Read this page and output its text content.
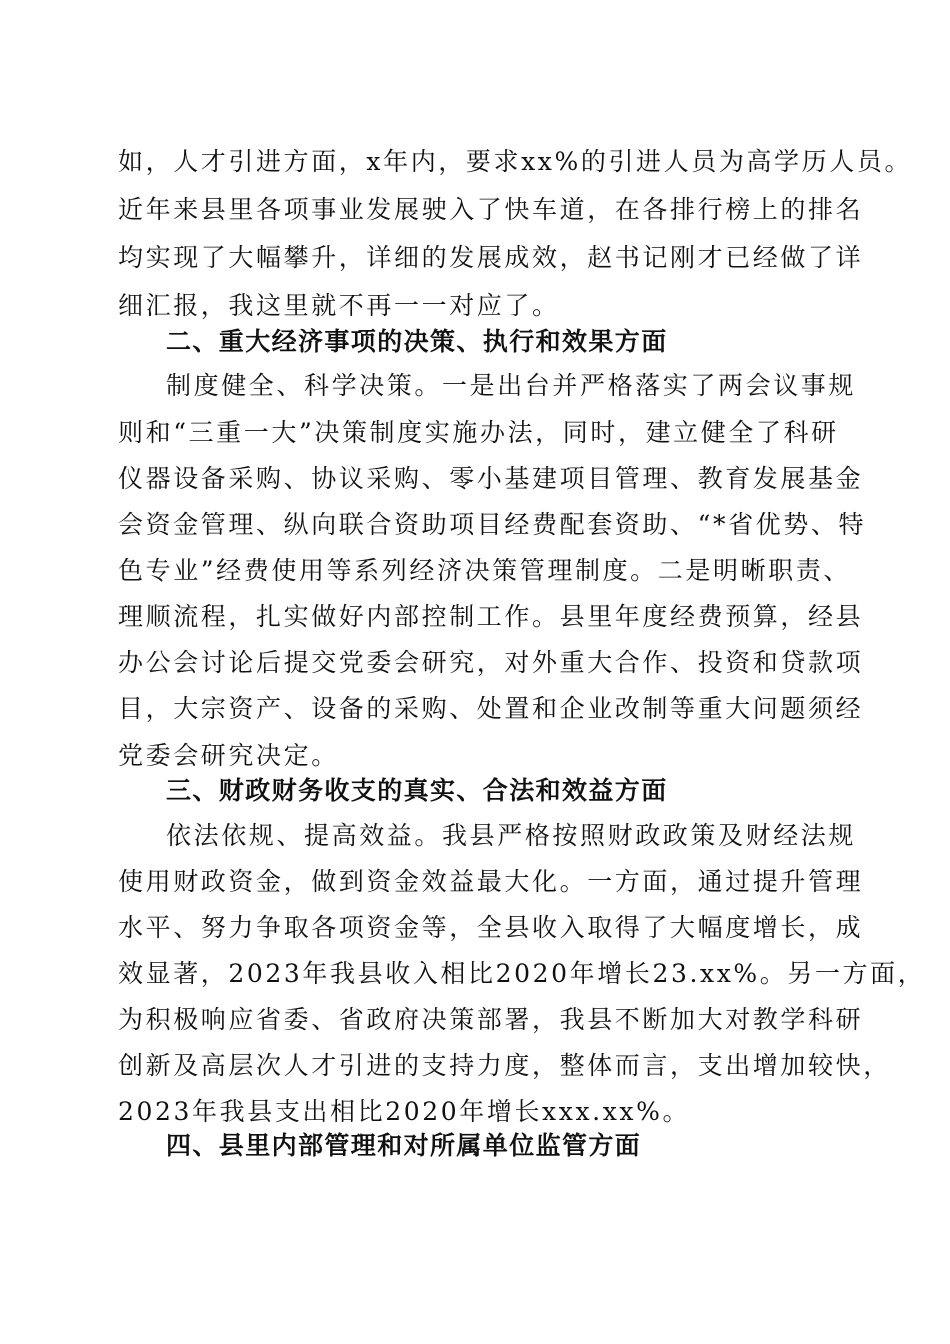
如，人才引进方面，x年内，要求xx%的引进人员为高学历人员。
近年来县里各项事业发展驶入了快车道，在各排行榜上的排名
均实现了大幅攀升，详细的发展成效，赵书记刚才已经做了详
细汇报，我这里就不再一一对应了。
二、重大经济事项的决策、执行和效果方面
制度健全、科学决策。一是出台并严格落实了两会议事规
则和“三重一大”决策制度实施办法，同时，建立健全了科研
仪器设备采购、协议采购、零小基建项目管理、教育发展基金
会资金管理、纵向联合资助项目经费配套资助、“*省优势、特
色专业”经费使用等系列经济决策管理制度。二是明晰职责、
理顺流程，扎实做好内部控制工作。县里年度经费预算，经县
办公会讨论后提交党委会研究，对外重大合作、投资和贷款项
目，大宗资产、设备的采购、处置和企业改制等重大问题须经
党委会研究决定。
三、财政财务收支的真实、合法和效益方面
依法依规、提高效益。我县严格按照财政政策及财经法规
使用财政资金，做到资金效益最大化。一方面，通过提升管理
水平、努力争取各项资金等，全县收入取得了大幅度增长，成
效显著，2023年我县收入相比2020年增长23.xx%。另一方面，
为积极响应省委、省政府决策部署，我县不断加大对教学科研
创新及高层次人才引进的支持力度，整体而言，支出增加较快，
2023年我县支出相比2020年增长xxx.xx%。
四、县里内部管理和对所属单位监管方面
